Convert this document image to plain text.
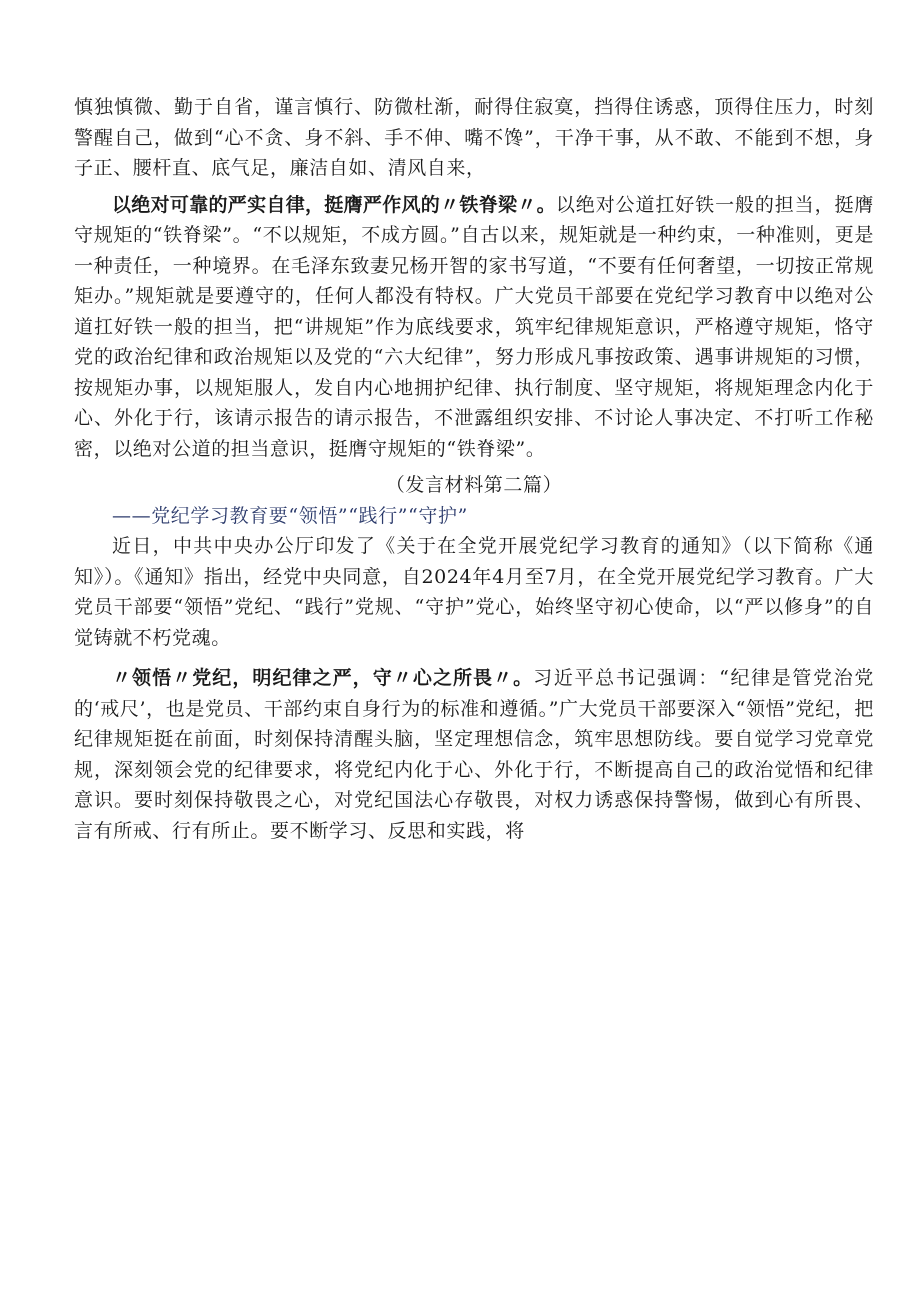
慎独慎微、勤于自省，谨言慎行、防微杜渐，耐得住寂寞，挡得住诱惑，顶得住压力，时刻警醒自己，做到“心不贪、身不斜、手不伸、嘴不馋”，干净干事，从不敢、不能到不想，身子正、腰杆直、底气足，廉洁自如、清风自来，

以绝对可靠的严实自律，挺膺严作风的〃铁脊梁〃。以绝对公道扛好铁一般的担当，挺膺守规矩的“铁脊梁”。“不以规矩，不成方圆。”自古以来，规矩就是一种约束，一种准则，更是一种责任，一种境界。在毛泽东致妻兄杨开智的家书写道，“不要有任何奢望，一切按正常规矩办。”规矩就是要遵守的，任何人都没有特权。广大党员干部要在党纪学习教育中以绝对公道扛好铁一般的担当，把“讲规矩”作为底线要求，筑牢纪律规矩意识，严格遵守规矩，恪守党的政治纪律和政治规矩以及党的“六大纪律”，努力形成凡事按政策、遇事讲规矩的习惯，按规矩办事，以规矩服人，发自内心地拥护纪律、执行制度、坚守规矩，将规矩理念内化于心、外化于行，该请示报告的请示报告，不泄露组织安排、不讨论人事决定、不打听工作秘密，以绝对公道的担当意识，挺膺守规矩的“铁脊梁”。

（发言材料第二篇）

——党纪学习教育要“领悟”“践行”“守护”

近日，中共中央办公厅印发了《关于在全党开展党纪学习教育的通知》（以下简称《通知》）。《通知》指出，经党中央同意，自2024年4月至7月，在全党开展党纪学习教育。广大党员干部要“领悟”党纪、“践行”党规、“守护”党心，始终坚守初心使命，以“严以修身”的自觉铸就不朽党魂。

〃领悟〃党纪，明纪律之严，守〃心之所畏〃。习近平总书记强调：“纪律是管党治党的‘戒尺’，也是党员、干部约束自身行为的标准和遵循。”广大党员干部要深入“领悟”党纪，把纪律规矩挺在前面，时刻保持清醒头脑，坚定理想信念，筑牢思想防线。要自觉学习党章党规，深刻领会党的纪律要求，将党纪内化于心、外化于行，不断提高自己的政治觉悟和纪律意识。要时刻保持敬畏之心，对党纪国法心存敬畏，对权力诱惑保持警惕，做到心有所畏、言有所戒、行有所止。要不断学习、反思和实践，将
